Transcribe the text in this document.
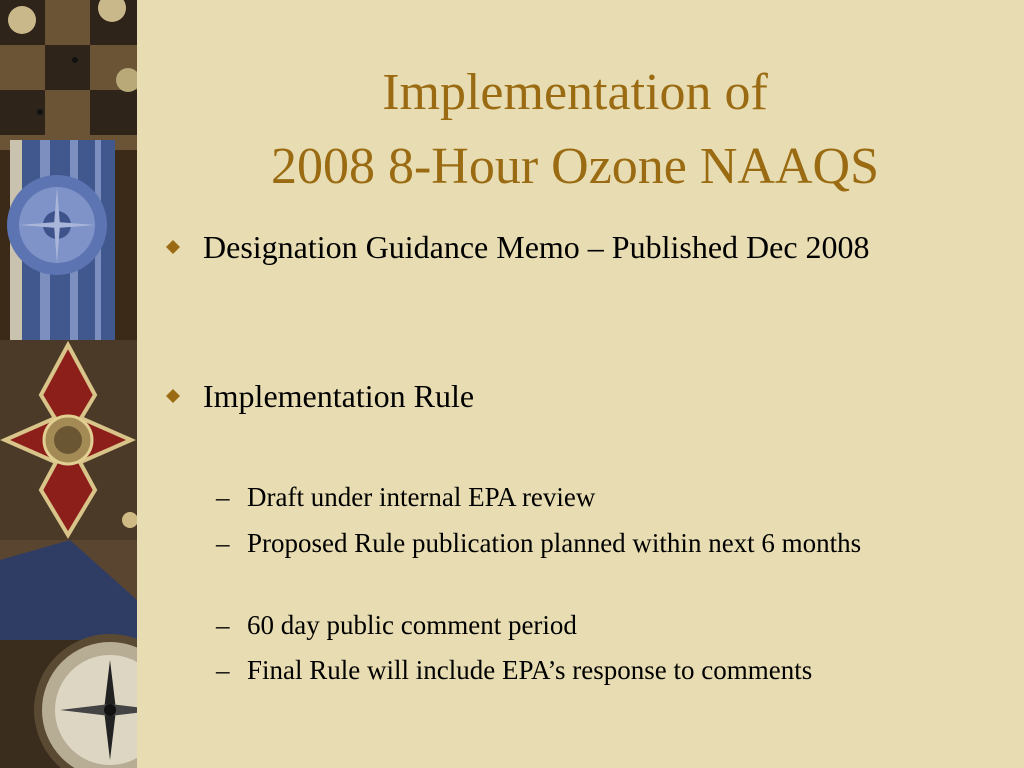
Implementation of
2008 8-Hour Ozone NAAQS

Designation Guidance Memo – Published Dec 2008

Implementation Rule

– Draft under internal EPA review

– Proposed Rule publication planned within next 6 months

– 60 day public comment period

– Final Rule will include EPA’s response to comments
